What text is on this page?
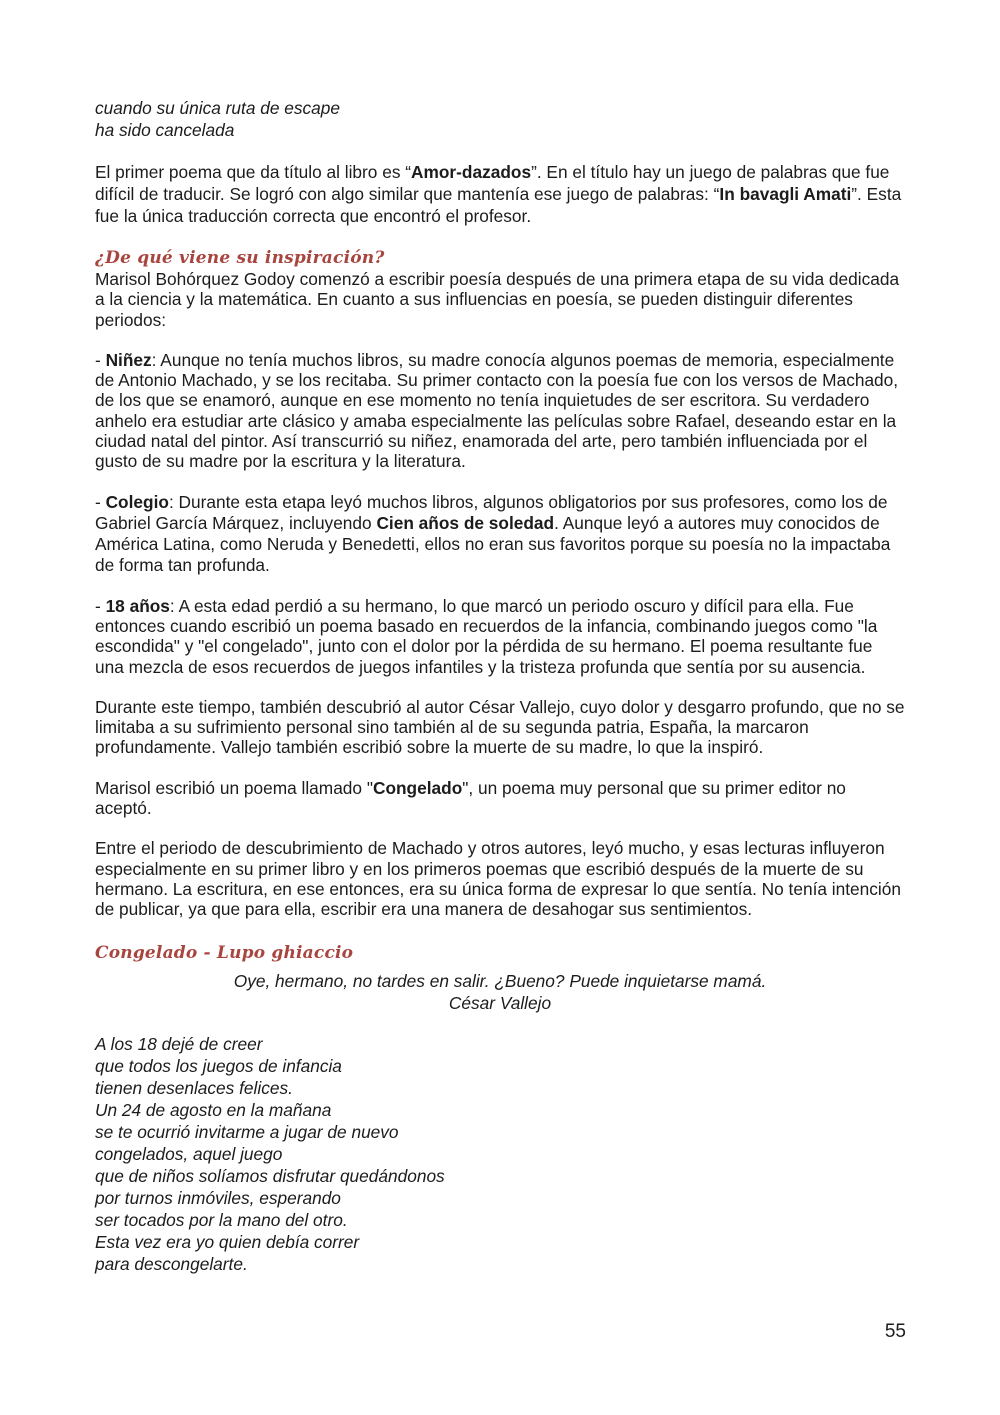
cuando su única ruta de escape
ha sido cancelada

El primer poema que da título al libro es “Amor-dazados”. En el título hay un juego de palabras que fue difícil de traducir. Se logró con algo similar que mantenía ese juego de palabras: “In bavagli Amati”. Esta fue la única traducción correcta que encontró el profesor.

¿De qué viene su inspiración?

Marisol Bohórquez Godoy comenzó a escribir poesía después de una primera etapa de su vida dedicada a la ciencia y la matemática. En cuanto a sus influencias en poesía, se pueden distinguir diferentes periodos:

- Niñez: Aunque no tenía muchos libros, su madre conocía algunos poemas de memoria, especialmente de Antonio Machado, y se los recitaba. Su primer contacto con la poesía fue con los versos de Machado, de los que se enamoró, aunque en ese momento no tenía inquietudes de ser escritora. Su verdadero anhelo era estudiar arte clásico y amaba especialmente las películas sobre Rafael, deseando estar en la ciudad natal del pintor. Así transcurrió su niñez, enamorada del arte, pero también influenciada por el gusto de su madre por la escritura y la literatura.

- Colegio: Durante esta etapa leyó muchos libros, algunos obligatorios por sus profesores, como los de Gabriel García Márquez, incluyendo Cien años de soledad. Aunque leyó a autores muy conocidos de América Latina, como Neruda y Benedetti, ellos no eran sus favoritos porque su poesía no la impactaba de forma tan profunda.

- 18 años: A esta edad perdió a su hermano, lo que marcó un periodo oscuro y difícil para ella. Fue entonces cuando escribió un poema basado en recuerdos de la infancia, combinando juegos como "la escondida" y "el congelado", junto con el dolor por la pérdida de su hermano. El poema resultante fue una mezcla de esos recuerdos de juegos infantiles y la tristeza profunda que sentía por su ausencia.

Durante este tiempo, también descubrió al autor César Vallejo, cuyo dolor y desgarro profundo, que no se limitaba a su sufrimiento personal sino también al de su segunda patria, España, la marcaron profundamente. Vallejo también escribió sobre la muerte de su madre, lo que la inspiró.

Marisol escribió un poema llamado "Congelado", un poema muy personal que su primer editor no aceptó.

Entre el periodo de descubrimiento de Machado y otros autores, leyó mucho, y esas lecturas influyeron especialmente en su primer libro y en los primeros poemas que escribió después de la muerte de su hermano. La escritura, en ese entonces, era su única forma de expresar lo que sentía. No tenía intención de publicar, ya que para ella, escribir era una manera de desahogar sus sentimientos.

Congelado - Lupo ghiaccio
Oye, hermano, no tardes en salir. ¿Bueno? Puede inquietarse mamá.
César Vallejo
A los 18 dejé de creer
que todos los juegos de infancia
tienen desenlaces felices.
Un 24 de agosto en la mañana
se te ocurrió invitarme a jugar de nuevo
congelados, aquel juego
que de niños solíamos disfrutar quedándonos
por turnos inmóviles, esperando
ser tocados por la mano del otro.
Esta vez era yo quien debía correr
para descongelarte.
55
